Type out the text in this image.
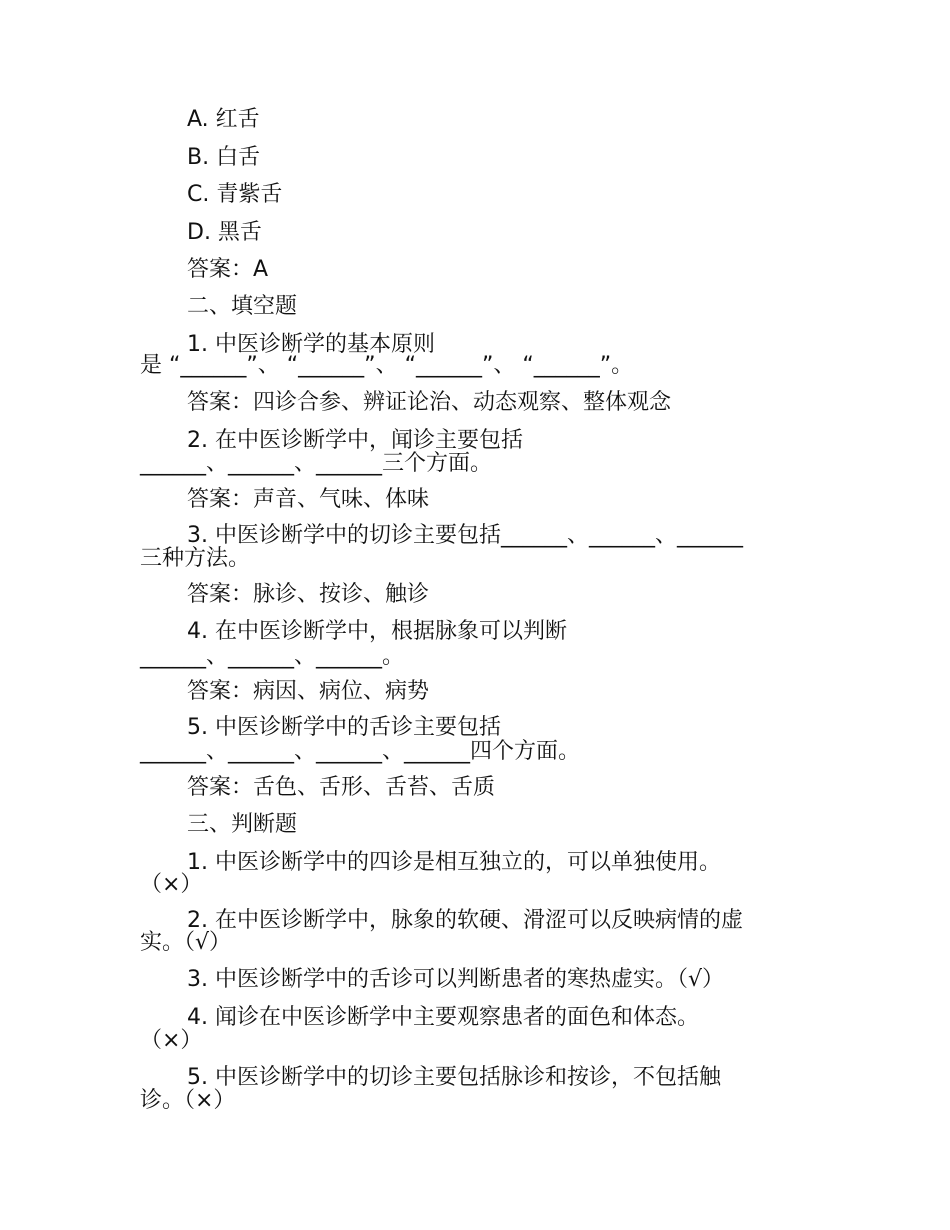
A. 红舌
B. 白舌
C. 青紫舌
D. 黑舌
答案：A
二、填空题
1. 中医诊断学的基本原则
是 “______”、 “______”、 “______”、 “______”。
答案：四诊合参、辨证论治、动态观察、整体观念
2. 在中医诊断学中，闻诊主要包括
______、______、______三个方面。
答案：声音、气味、体味
3. 中医诊断学中的切诊主要包括______、______、______
三种方法。
答案：脉诊、按诊、触诊
4. 在中医诊断学中，根据脉象可以判断
______、______、______。
答案：病因、病位、病势
5. 中医诊断学中的舌诊主要包括
______、______、______、______四个方面。
答案：舌色、舌形、舌苔、舌质
三、判断题
1. 中医诊断学中的四诊是相互独立的，可以单独使用。
（×）
2. 在中医诊断学中，脉象的软硬、滑涩可以反映病情的虚
实。（√）
3. 中医诊断学中的舌诊可以判断患者的寒热虚实。（√）
4. 闻诊在中医诊断学中主要观察患者的面色和体态。
（×）
5. 中医诊断学中的切诊主要包括脉诊和按诊，不包括触
诊。（×）
